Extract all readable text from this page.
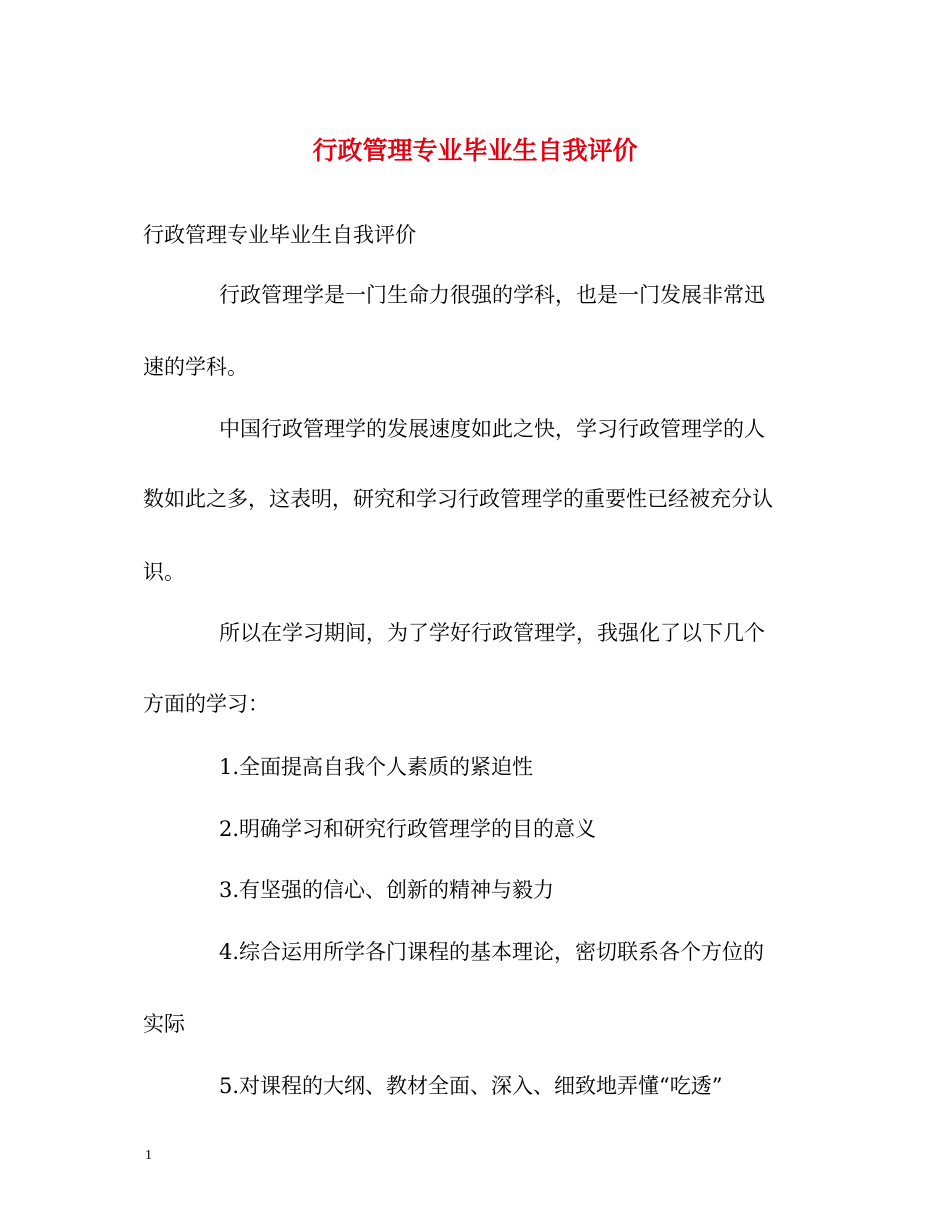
行政管理专业毕业生自我评价
行政管理专业毕业生自我评价
行政管理学是一门生命力很强的学科，也是一门发展非常迅
速的学科。
中国行政管理学的发展速度如此之快，学习行政管理学的人
数如此之多，这表明，研究和学习行政管理学的重要性已经被充分认
识。
所以在学习期间，为了学好行政管理学，我强化了以下几个
方面的学习：
1.全面提高自我个人素质的紧迫性
2.明确学习和研究行政管理学的目的意义
3.有坚强的信心、创新的精神与毅力
4.综合运用所学各门课程的基本理论，密切联系各个方位的
实际
5.对课程的大纲、教材全面、深入、细致地弄懂“吃透”
1
